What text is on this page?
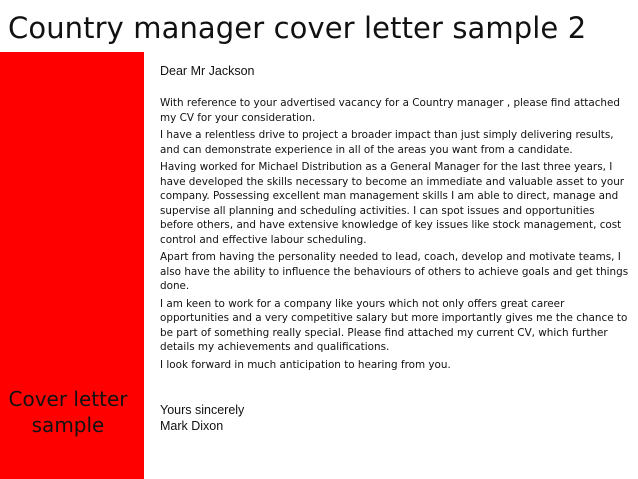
Country manager cover letter sample 2
Cover letter
sample

Dear Mr Jackson

With reference to your advertised vacancy for a Country manager , please find attached my CV for your consideration.

I have a relentless drive to project a broader impact than just simply delivering results, and can demonstrate experience in all of the areas you want from a candidate.

Having worked for Michael Distribution as a General Manager for the last three years, I have developed the skills necessary to become an immediate and valuable asset to your company. Possessing excellent man management skills I am able to direct, manage and supervise all planning and scheduling activities. I can spot issues and opportunities before others, and have extensive knowledge of key issues like stock management, cost control and effective labour scheduling.

Apart from having the personality needed to lead, coach, develop and motivate teams, I also have the ability to influence the behaviours of others to achieve goals and get things done.

I am keen to work for a company like yours which not only offers great career opportunities and a very competitive salary but more importantly gives me the chance to be part of something really special. Please find attached my current CV, which further details my achievements and qualifications.

I look forward in much anticipation to hearing from you.

Yours sincerely

Mark Dixon
